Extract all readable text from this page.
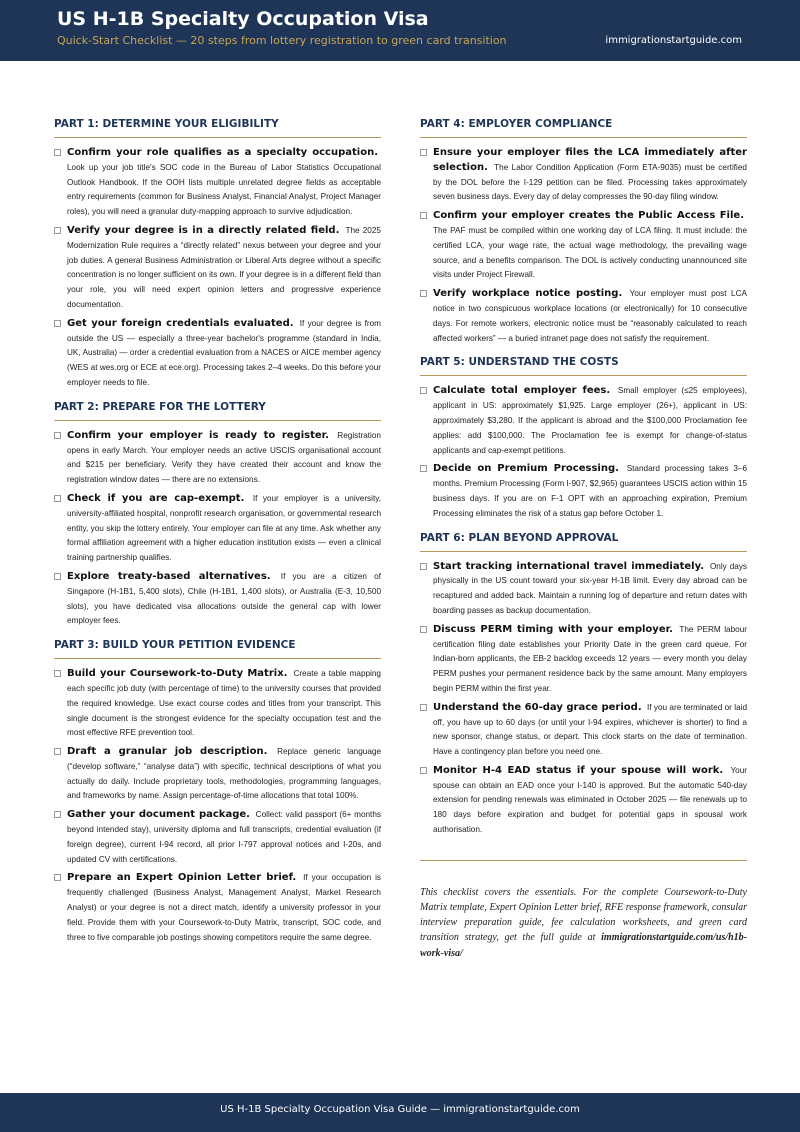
US H-1B Specialty Occupation Visa
Quick-Start Checklist — 20 steps from lottery registration to green card transition	immigrationstartguide.com
PART 1: DETERMINE YOUR ELIGIBILITY
Confirm your role qualifies as a specialty occupation. Look up your job title's SOC code in the Bureau of Labor Statistics Occupational Outlook Handbook. If the OOH lists multiple unrelated degree fields as acceptable entry requirements (common for Business Analyst, Financial Analyst, Project Manager roles), you will need a granular duty-mapping approach to survive adjudication.
Verify your degree is in a directly related field. The 2025 Modernization Rule requires a “directly related” nexus between your degree and your job duties. A general Business Administration or Liberal Arts degree without a specific concentration is no longer sufficient on its own. If your degree is in a different field than your role, you will need expert opinion letters and progressive experience documentation.
Get your foreign credentials evaluated. If your degree is from outside the US — especially a three-year bachelor's programme (standard in India, UK, Australia) — order a credential evaluation from a NACES or AICE member agency (WES at wes.org or ECE at ece.org). Processing takes 2–4 weeks. Do this before your employer needs to file.
PART 2: PREPARE FOR THE LOTTERY
Confirm your employer is ready to register. Registration opens in early March. Your employer needs an active USCIS organisational account and $215 per beneficiary. Verify they have created their account and know the registration window dates — there are no extensions.
Check if you are cap-exempt. If your employer is a university, university-affiliated hospital, nonprofit research organisation, or governmental research entity, you skip the lottery entirely. Your employer can file at any time. Ask whether any formal affiliation agreement with a higher education institution exists — even a clinical training partnership qualifies.
Explore treaty-based alternatives. If you are a citizen of Singapore (H-1B1, 5,400 slots), Chile (H-1B1, 1,400 slots), or Australia (E-3, 10,500 slots), you have dedicated visa allocations outside the general cap with lower employer fees.
PART 3: BUILD YOUR PETITION EVIDENCE
Build your Coursework-to-Duty Matrix. Create a table mapping each specific job duty (with percentage of time) to the university courses that provided the required knowledge. Use exact course codes and titles from your transcript. This single document is the strongest evidence for the specialty occupation test and the most effective RFE prevention tool.
Draft a granular job description. Replace generic language (“develop software,” “analyse data”) with specific, technical descriptions of what you actually do daily. Include proprietary tools, methodologies, programming languages, and frameworks by name. Assign percentage-of-time allocations that total 100%.
Gather your document package. Collect: valid passport (6+ months beyond intended stay), university diploma and full transcripts, credential evaluation (if foreign degree), current I-94 record, all prior I-797 approval notices and I-20s, and updated CV with certifications.
Prepare an Expert Opinion Letter brief. If your occupation is frequently challenged (Business Analyst, Management Analyst, Market Research Analyst) or your degree is not a direct match, identify a university professor in your field. Provide them with your Coursework-to-Duty Matrix, transcript, SOC code, and three to five comparable job postings showing competitors require the same degree.
PART 4: EMPLOYER COMPLIANCE
Ensure your employer files the LCA immediately after selection. The Labor Condition Application (Form ETA-9035) must be certified by the DOL before the I-129 petition can be filed. Processing takes approximately seven business days. Every day of delay compresses the 90-day filing window.
Confirm your employer creates the Public Access File. The PAF must be compiled within one working day of LCA filing. It must include: the certified LCA, your wage rate, the actual wage methodology, the prevailing wage source, and a benefits comparison. The DOL is actively conducting unannounced site visits under Project Firewall.
Verify workplace notice posting. Your employer must post LCA notice in two conspicuous workplace locations (or electronically) for 10 consecutive days. For remote workers, electronic notice must be “reasonably calculated to reach affected workers” — a buried intranet page does not satisfy the requirement.
PART 5: UNDERSTAND THE COSTS
Calculate total employer fees. Small employer (≤25 employees), applicant in US: approximately $1,925. Large employer (26+), applicant in US: approximately $3,280. If the applicant is abroad and the $100,000 Proclamation fee applies: add $100,000. The Proclamation fee is exempt for change-of-status applicants and cap-exempt petitions.
Decide on Premium Processing. Standard processing takes 3–6 months. Premium Processing (Form I-907, $2,965) guarantees USCIS action within 15 business days. If you are on F-1 OPT with an approaching expiration, Premium Processing eliminates the risk of a status gap before October 1.
PART 6: PLAN BEYOND APPROVAL
Start tracking international travel immediately. Only days physically in the US count toward your six-year H-1B limit. Every day abroad can be recaptured and added back. Maintain a running log of departure and return dates with boarding passes as backup documentation.
Discuss PERM timing with your employer. The PERM labour certification filing date establishes your Priority Date in the green card queue. For Indian-born applicants, the EB-2 backlog exceeds 12 years — every month you delay PERM pushes your permanent residence back by the same amount. Many employers begin PERM within the first year.
Understand the 60-day grace period. If you are terminated or laid off, you have up to 60 days (or until your I-94 expires, whichever is shorter) to find a new sponsor, change status, or depart. This clock starts on the date of termination. Have a contingency plan before you need one.
Monitor H-4 EAD status if your spouse will work. Your spouse can obtain an EAD once your I-140 is approved. But the automatic 540-day extension for pending renewals was eliminated in October 2025 — file renewals up to 180 days before expiration and budget for potential gaps in spousal work authorisation.
This checklist covers the essentials. For the complete Coursework-to-Duty Matrix template, Expert Opinion Letter brief, RFE response framework, consular interview preparation guide, fee calculation worksheets, and green card transition strategy, get the full guide at immigrationstartguide.com/us/h1b-work-visa/
US H-1B Specialty Occupation Visa Guide — immigrationstartguide.com
